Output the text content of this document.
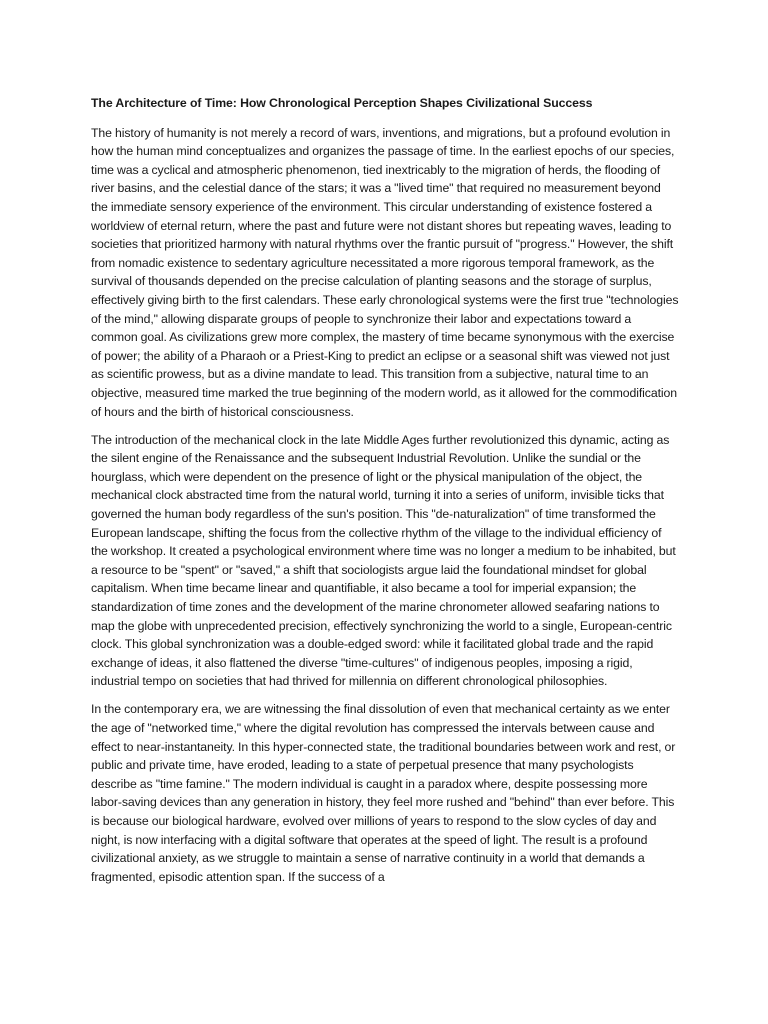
The Architecture of Time: How Chronological Perception Shapes Civilizational Success

The history of humanity is not merely a record of wars, inventions, and migrations, but a profound evolution in how the human mind conceptualizes and organizes the passage of time. In the earliest epochs of our species, time was a cyclical and atmospheric phenomenon, tied inextricably to the migration of herds, the flooding of river basins, and the celestial dance of the stars; it was a "lived time" that required no measurement beyond the immediate sensory experience of the environment. This circular understanding of existence fostered a worldview of eternal return, where the past and future were not distant shores but repeating waves, leading to societies that prioritized harmony with natural rhythms over the frantic pursuit of "progress." However, the shift from nomadic existence to sedentary agriculture necessitated a more rigorous temporal framework, as the survival of thousands depended on the precise calculation of planting seasons and the storage of surplus, effectively giving birth to the first calendars. These early chronological systems were the first true "technologies of the mind," allowing disparate groups of people to synchronize their labor and expectations toward a common goal. As civilizations grew more complex, the mastery of time became synonymous with the exercise of power; the ability of a Pharaoh or a Priest-King to predict an eclipse or a seasonal shift was viewed not just as scientific prowess, but as a divine mandate to lead. This transition from a subjective, natural time to an objective, measured time marked the true beginning of the modern world, as it allowed for the commodification of hours and the birth of historical consciousness.

The introduction of the mechanical clock in the late Middle Ages further revolutionized this dynamic, acting as the silent engine of the Renaissance and the subsequent Industrial Revolution. Unlike the sundial or the hourglass, which were dependent on the presence of light or the physical manipulation of the object, the mechanical clock abstracted time from the natural world, turning it into a series of uniform, invisible ticks that governed the human body regardless of the sun's position. This "de-naturalization" of time transformed the European landscape, shifting the focus from the collective rhythm of the village to the individual efficiency of the workshop. It created a psychological environment where time was no longer a medium to be inhabited, but a resource to be "spent" or "saved," a shift that sociologists argue laid the foundational mindset for global capitalism. When time became linear and quantifiable, it also became a tool for imperial expansion; the standardization of time zones and the development of the marine chronometer allowed seafaring nations to map the globe with unprecedented precision, effectively synchronizing the world to a single, European-centric clock. This global synchronization was a double-edged sword: while it facilitated global trade and the rapid exchange of ideas, it also flattened the diverse "time-cultures" of indigenous peoples, imposing a rigid, industrial tempo on societies that had thrived for millennia on different chronological philosophies.

In the contemporary era, we are witnessing the final dissolution of even that mechanical certainty as we enter the age of "networked time," where the digital revolution has compressed the intervals between cause and effect to near-instantaneity. In this hyper-connected state, the traditional boundaries between work and rest, or public and private time, have eroded, leading to a state of perpetual presence that many psychologists describe as "time famine." The modern individual is caught in a paradox where, despite possessing more labor-saving devices than any generation in history, they feel more rushed and "behind" than ever before. This is because our biological hardware, evolved over millions of years to respond to the slow cycles of day and night, is now interfacing with a digital software that operates at the speed of light. The result is a profound civilizational anxiety, as we struggle to maintain a sense of narrative continuity in a world that demands a fragmented, episodic attention span. If the success of a
